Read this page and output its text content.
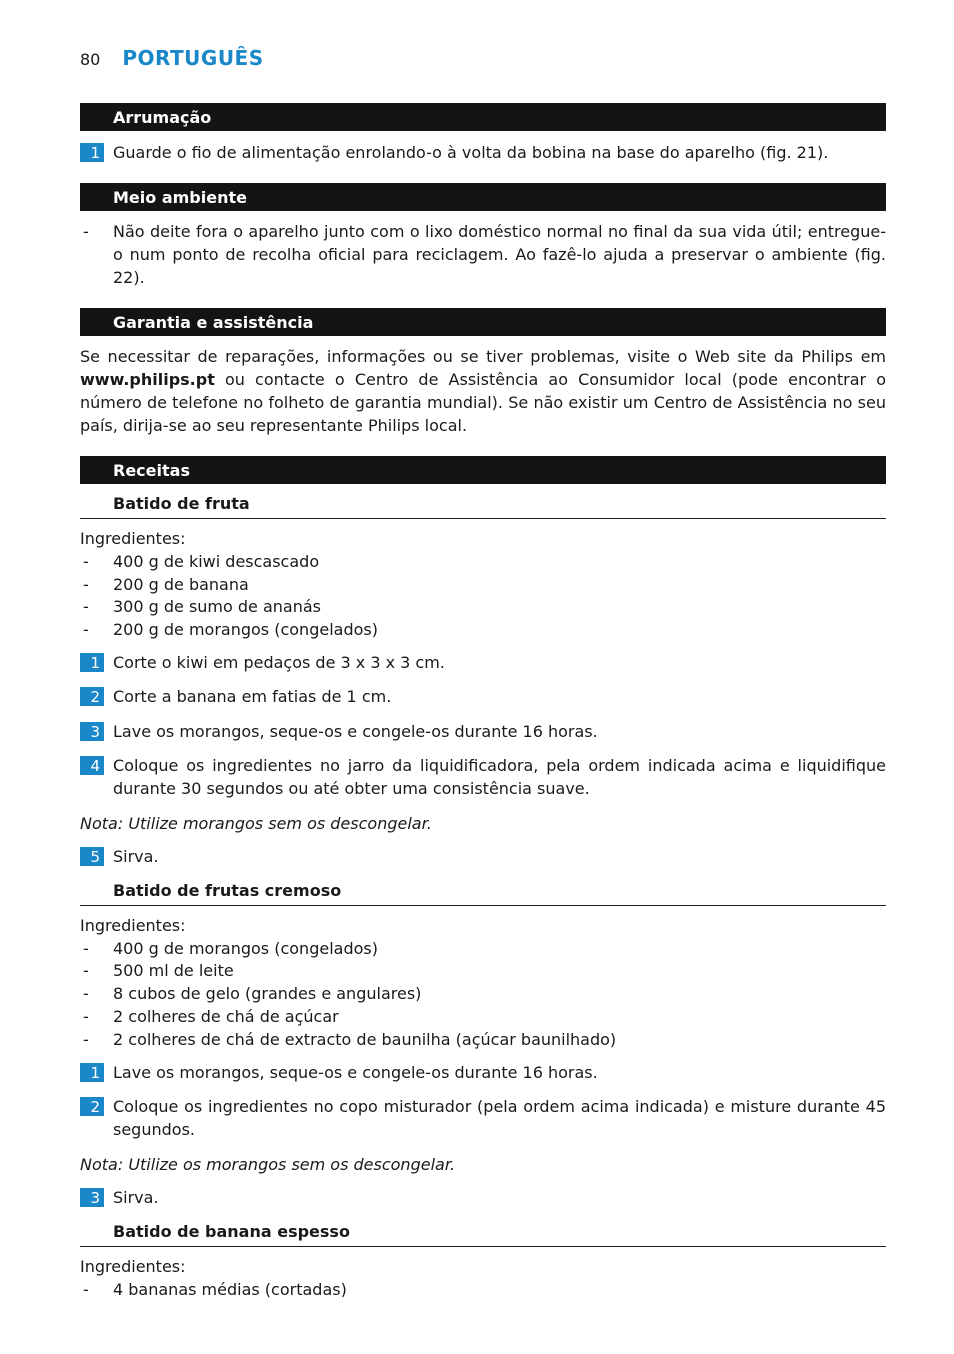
80 PORTUGUÊS
Arrumação
1 Guarde o fio de alimentação enrolando-o à volta da bobina na base do aparelho (fig. 21).
Meio ambiente
-	Não deite fora o aparelho junto com o lixo doméstico normal no final da sua vida útil; entregue-o num ponto de recolha oficial para reciclagem. Ao fazê-lo ajuda a preservar o ambiente (fig. 22).
Garantia e assistência
Se necessitar de reparações, informações ou se tiver problemas, visite o Web site da Philips em www.philips.pt ou contacte o Centro de Assistência ao Consumidor local (pode encontrar o número de telefone no folheto de garantia mundial). Se não existir um Centro de Assistência no seu país, dirija-se ao seu representante Philips local.
Receitas
Batido de fruta
Ingredientes:
-	400 g de kiwi descascado
-	200 g de banana
-	300 g de sumo de ananás
-	200 g de morangos (congelados)
1 Corte o kiwi em pedaços de 3 x 3 x 3 cm.
2 Corte a banana em fatias de 1 cm.
3 Lave os morangos, seque-os e congele-os durante 16 horas.
4 Coloque os ingredientes no jarro da liquidificadora, pela ordem indicada acima e liquidifique durante 30 segundos ou até obter uma consistência suave.
Nota: Utilize morangos sem os descongelar.
5 Sirva.
Batido de frutas cremoso
Ingredientes:
-	400 g de morangos (congelados)
-	500 ml de leite
-	8 cubos de gelo (grandes e angulares)
-	2 colheres de chá de açúcar
-	2 colheres de chá de extracto de baunilha (açúcar baunilhado)
1 Lave os morangos, seque-os e congele-os durante 16 horas.
2 Coloque os ingredientes no copo misturador (pela ordem acima indicada) e misture durante 45 segundos.
Nota: Utilize os morangos sem os descongelar.
3 Sirva.
Batido de banana espesso
Ingredientes:
-	4 bananas médias (cortadas)
